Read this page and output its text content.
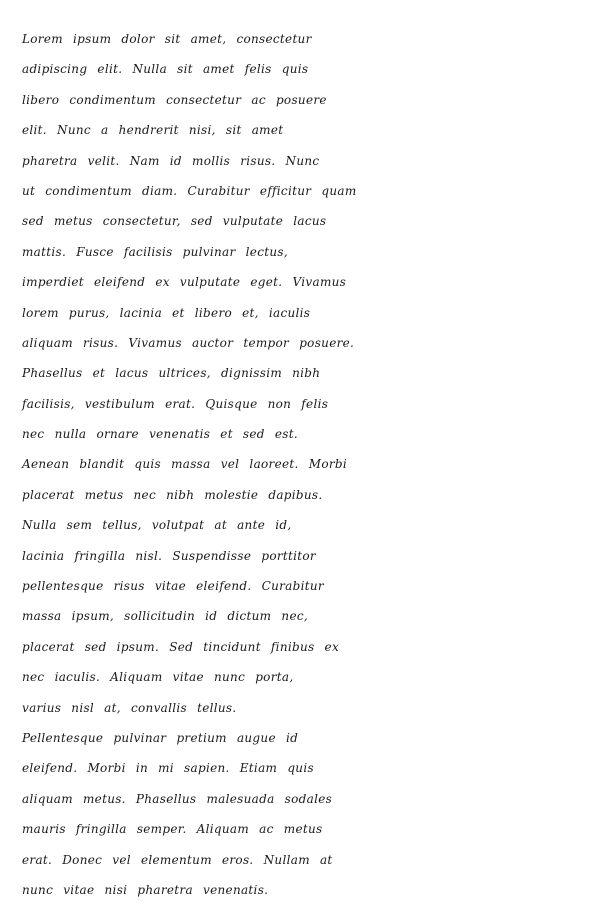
Lorem ipsum dolor sit amet, consectetur
adipiscing elit. Nulla sit amet felis quis
libero condimentum consectetur ac posuere
elit. Nunc a hendrerit nisi, sit amet
pharetra velit. Nam id mollis risus. Nunc
ut condimentum diam. Curabitur efficitur quam
sed metus consectetur, sed vulputate lacus
mattis. Fusce facilisis pulvinar lectus,
imperdiet eleifend ex vulputate eget. Vivamus
lorem purus, lacinia et libero et, iaculis
aliquam risus. Vivamus auctor tempor posuere.
Phasellus et lacus ultrices, dignissim nibh
facilisis, vestibulum erat. Quisque non felis
nec nulla ornare venenatis et sed est.
Aenean blandit quis massa vel laoreet. Morbi
placerat metus nec nibh molestie dapibus.
Nulla sem tellus, volutpat at ante id,
lacinia fringilla nisl. Suspendisse porttitor
pellentesque risus vitae eleifend. Curabitur
massa ipsum, sollicitudin id dictum nec,
placerat sed ipsum. Sed tincidunt finibus ex
nec iaculis. Aliquam vitae nunc porta,
varius nisl at, convallis tellus.
Pellentesque pulvinar pretium augue id
eleifend. Morbi in mi sapien. Etiam quis
aliquam metus. Phasellus malesuada sodales
mauris fringilla semper. Aliquam ac metus
erat. Donec vel elementum eros. Nullam at
nunc vitae nisi pharetra venenatis.
